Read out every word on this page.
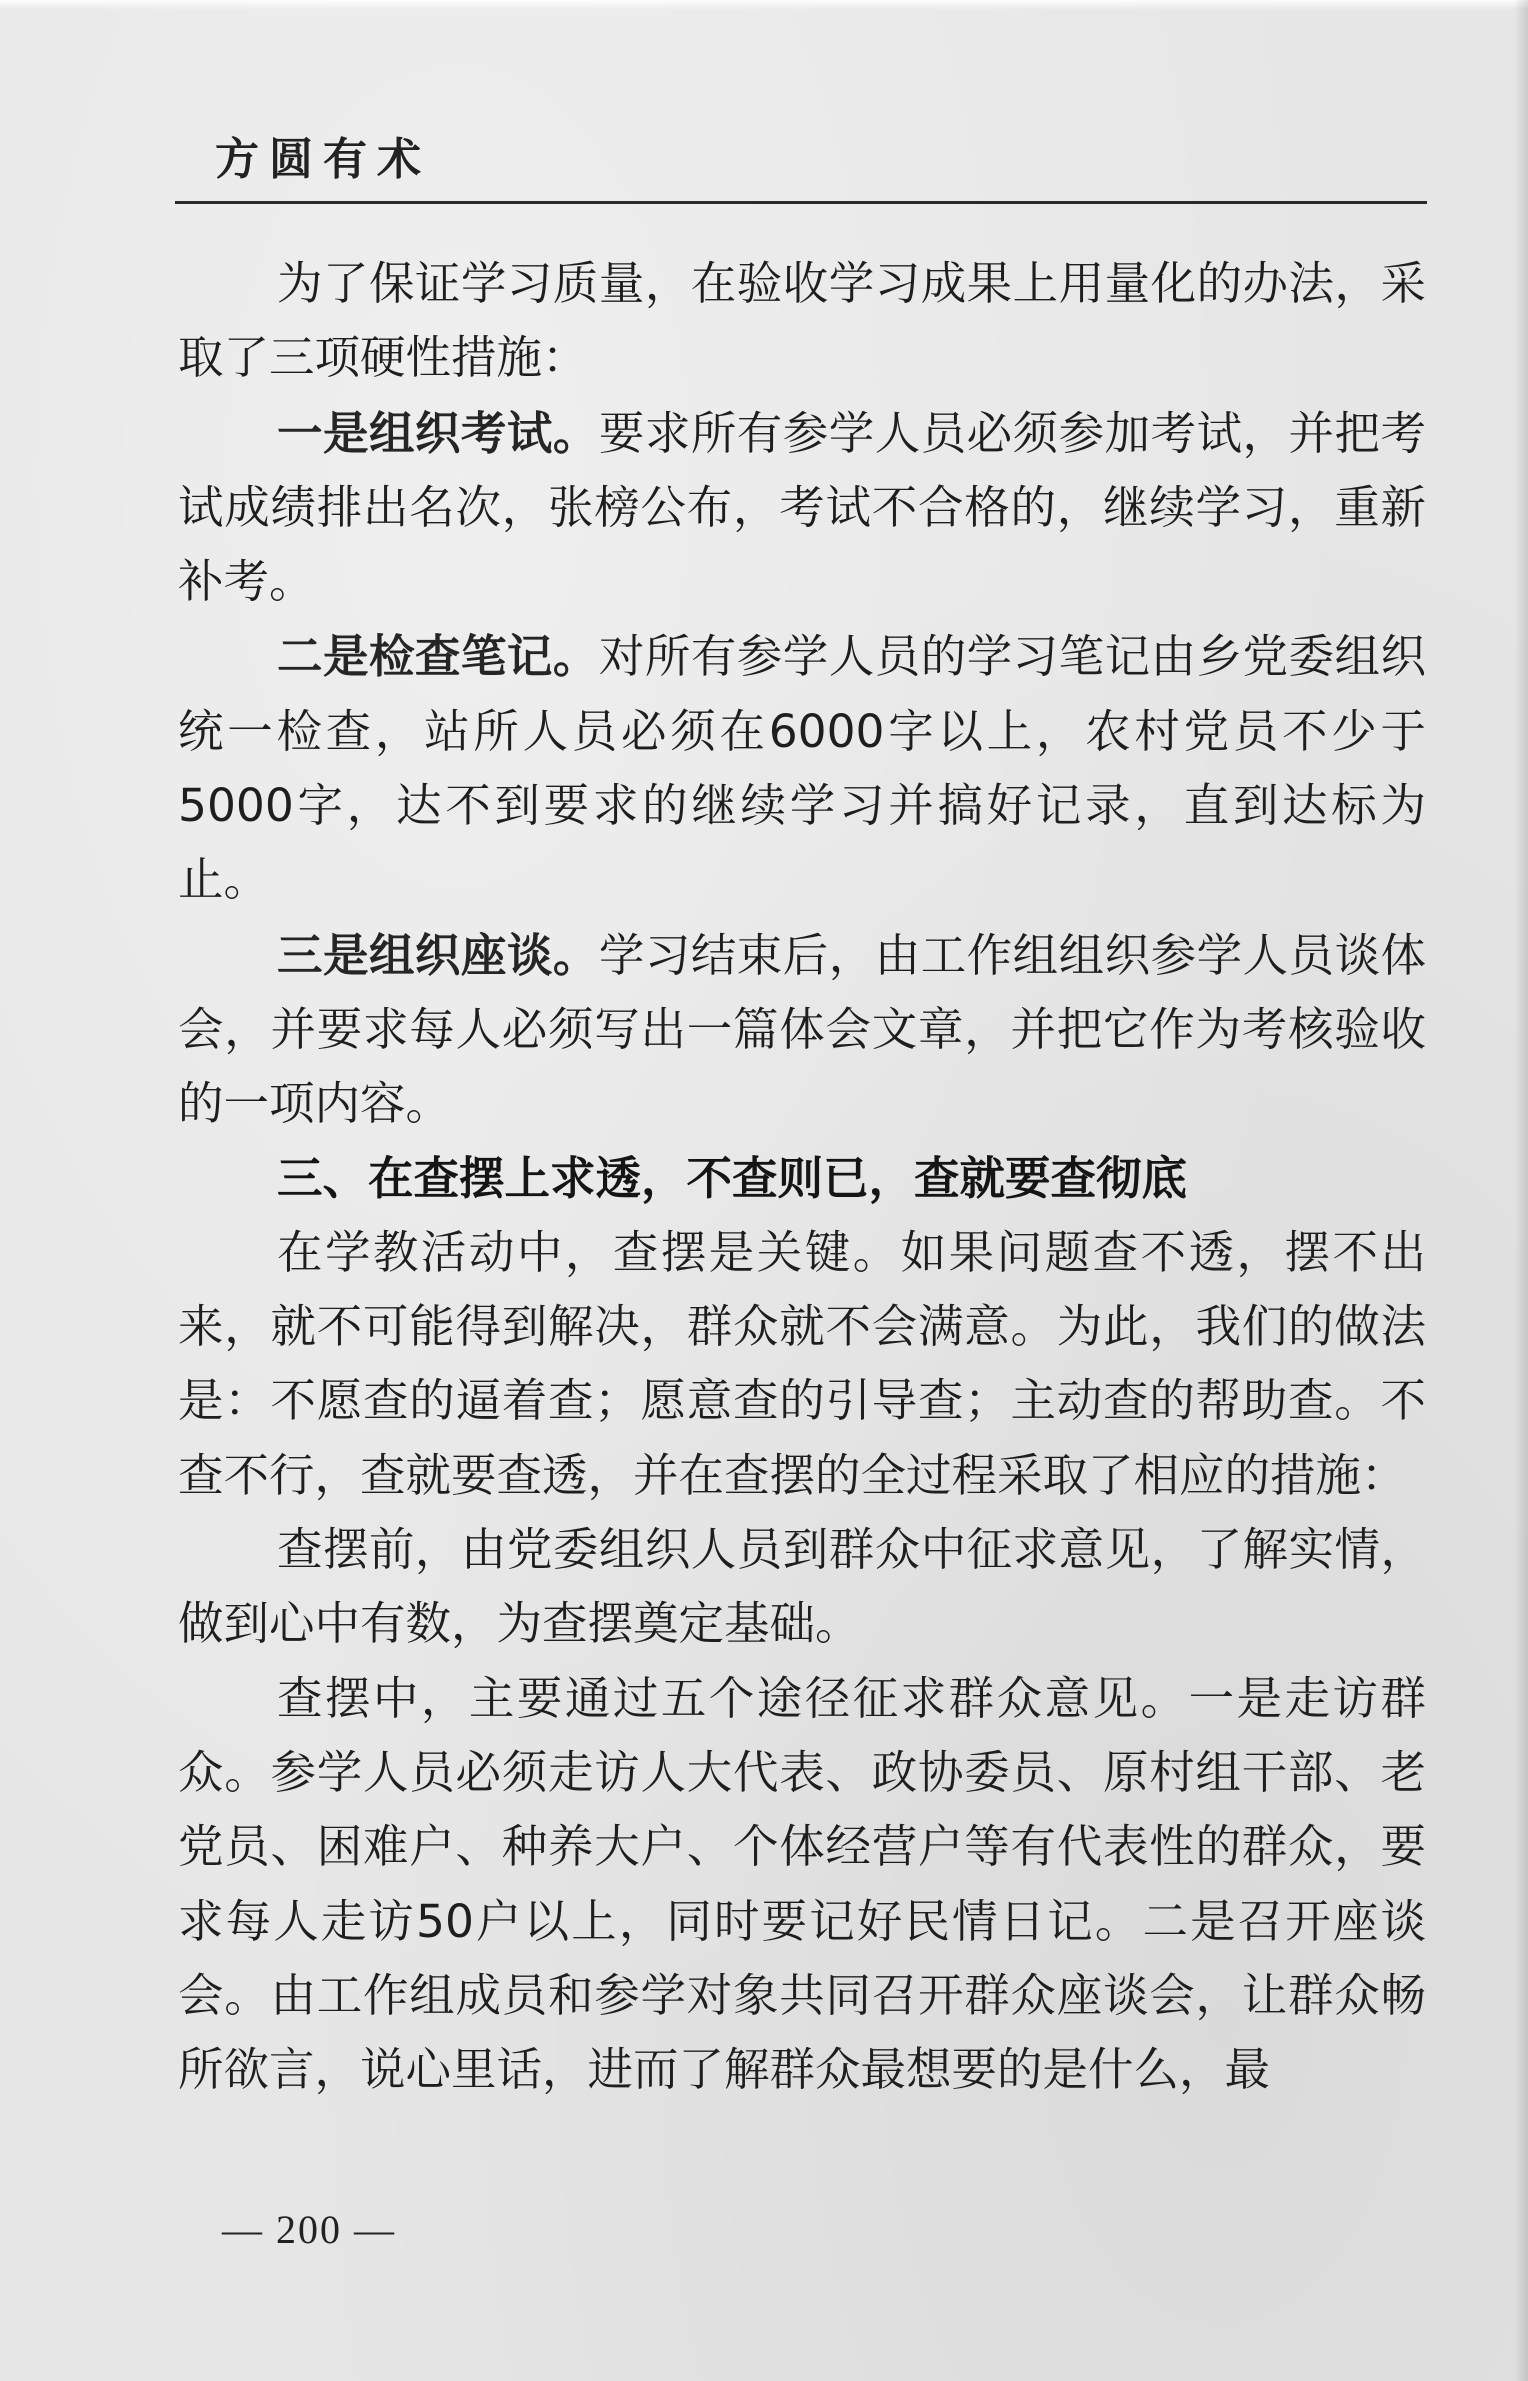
方圆有术

为了保证学习质量，在验收学习成果上用量化的办法，采取了三项硬性措施：

一是组织考试。要求所有参学人员必须参加考试，并把考试成绩排出名次，张榜公布，考试不合格的，继续学习，重新补考。

二是检查笔记。对所有参学人员的学习笔记由乡党委组织统一检查，站所人员必须在6000字以上，农村党员不少于5000字，达不到要求的继续学习并搞好记录，直到达标为止。

三是组织座谈。学习结束后，由工作组组织参学人员谈体会，并要求每人必须写出一篇体会文章，并把它作为考核验收的一项内容。

三、在查摆上求透，不查则已，查就要查彻底

在学教活动中，查摆是关键。如果问题查不透，摆不出来，就不可能得到解决，群众就不会满意。为此，我们的做法是：不愿查的逼着查；愿意查的引导查；主动查的帮助查。不查不行，查就要查透，并在查摆的全过程采取了相应的措施：

查摆前，由党委组织人员到群众中征求意见，了解实情，做到心中有数，为查摆奠定基础。

查摆中，主要通过五个途径征求群众意见。一是走访群众。参学人员必须走访人大代表、政协委员、原村组干部、老党员、困难户、种养大户、个体经营户等有代表性的群众，要求每人走访50户以上，同时要记好民情日记。二是召开座谈会。由工作组成员和参学对象共同召开群众座谈会，让群众畅所欲言，说心里话，进而了解群众最想要的是什么，最

— 200 —
